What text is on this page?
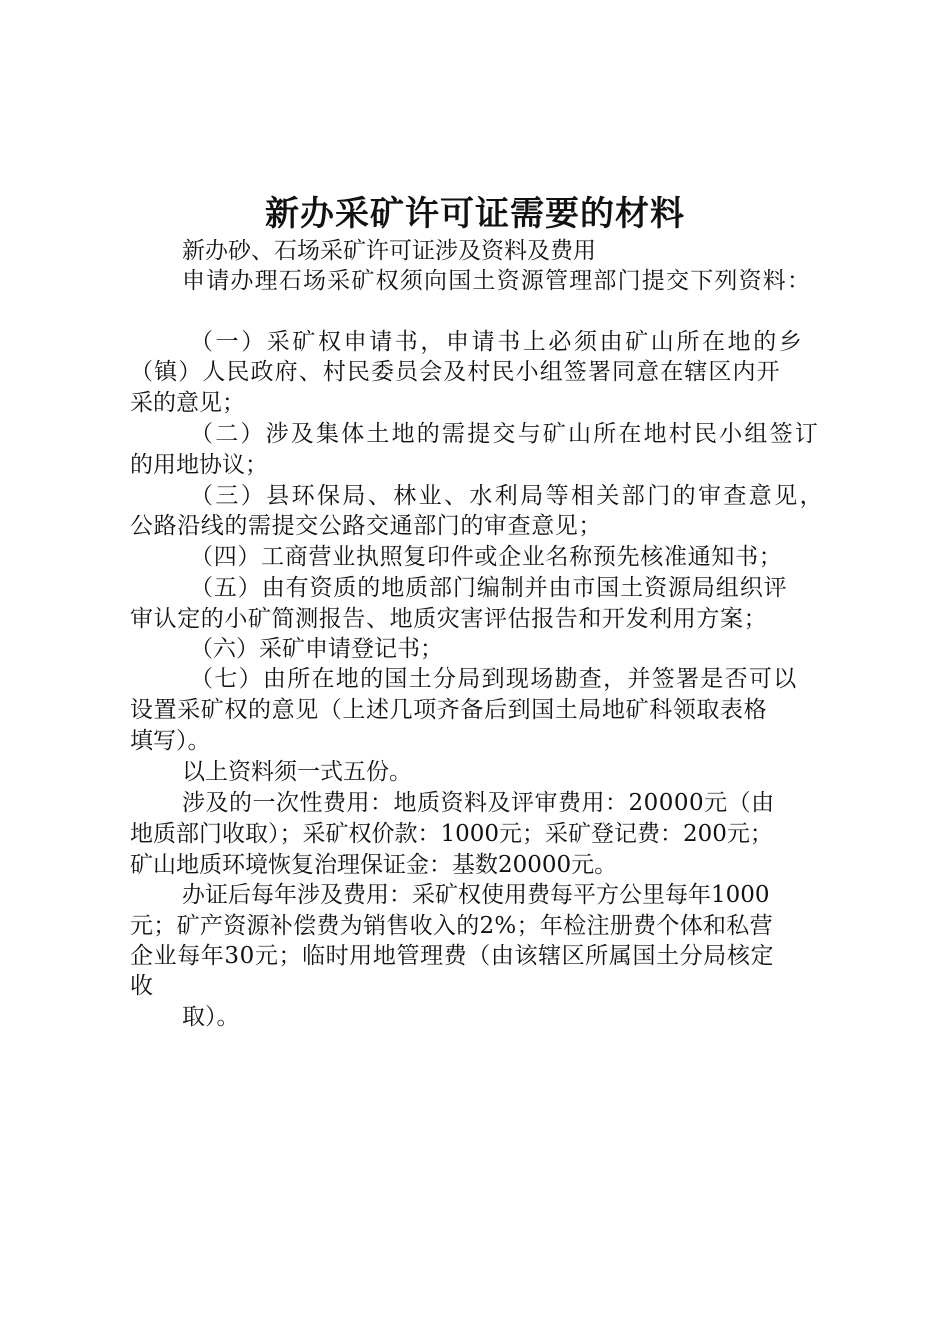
新办采矿许可证需要的材料
新办砂、石场采矿许可证涉及资料及费用
申请办理石场采矿权须向国土资源管理部门提交下列资料：
（一）采矿权申请书，申请书上必须由矿山所在地的乡
（镇）人民政府、村民委员会及村民小组签署同意在辖区内开
采的意见；
（二）涉及集体土地的需提交与矿山所在地村民小组签订
的用地协议；
（三）县环保局、林业、水利局等相关部门的审查意见，
公路沿线的需提交公路交通部门的审查意见；
（四）工商营业执照复印件或企业名称预先核准通知书；
（五）由有资质的地质部门编制并由市国土资源局组织评
审认定的小矿简测报告、地质灾害评估报告和开发利用方案；
（六）采矿申请登记书；
（七）由所在地的国土分局到现场勘查，并签署是否可以
设置采矿权的意见（上述几项齐备后到国土局地矿科领取表格
填写）。
以上资料须一式五份。
涉及的一次性费用：地质资料及评审费用：20000元（由
地质部门收取）；采矿权价款：1000元；采矿登记费：200元；
矿山地质环境恢复治理保证金：基数20000元。
办证后每年涉及费用：采矿权使用费每平方公里每年1000
元；矿产资源补偿费为销售收入的2%；年检注册费个体和私营
企业每年30元；临时用地管理费（由该辖区所属国土分局核定
收
取）。
